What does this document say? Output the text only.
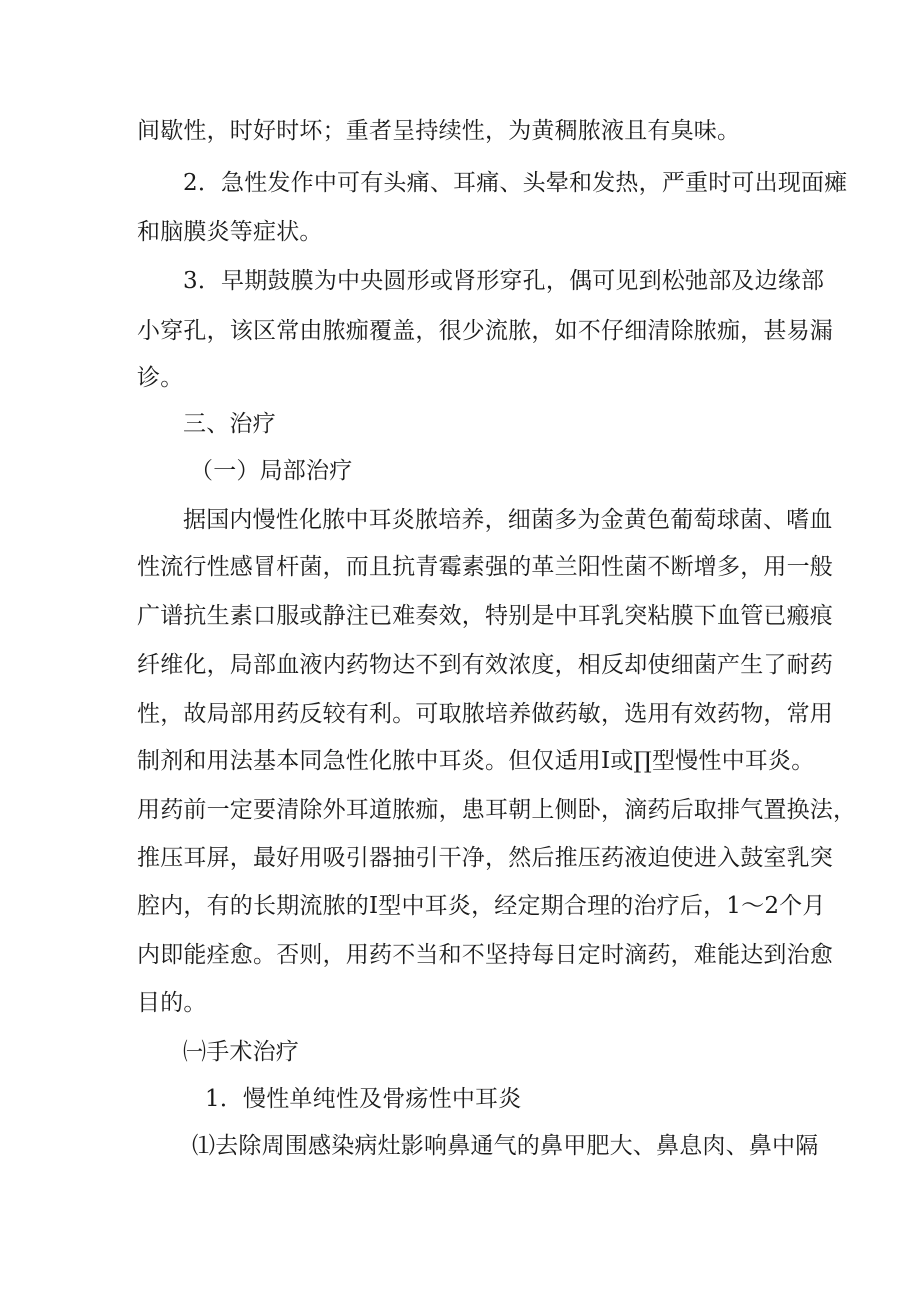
间歇性，时好时坏；重者呈持续性，为黄稠脓液且有臭味。
2．急性发作中可有头痛、耳痛、头晕和发热，严重时可出现面瘫
和脑膜炎等症状。
3．早期鼓膜为中央圆形或肾形穿孔，偶可见到松弛部及边缘部
小穿孔，该区常由脓痂覆盖，很少流脓，如不仔细清除脓痂，甚易漏
诊。
三、治疗
（一）局部治疗
据国内慢性化脓中耳炎脓培养，细菌多为金黄色葡萄球菌、嗜血
性流行性感冒杆菌，而且抗青霉素强的革兰阳性菌不断增多，用一般
广谱抗生素口服或静注已难奏效，特别是中耳乳突粘膜下血管已瘢痕
纤维化，局部血液内药物达不到有效浓度，相反却使细菌产生了耐药
性，故局部用药反较有利。可取脓培养做药敏，选用有效药物，常用
制剂和用法基本同急性化脓中耳炎。但仅适用I或∏型慢性中耳炎。
用药前一定要清除外耳道脓痂，患耳朝上侧卧，滴药后取排气置换法，
推压耳屏，最好用吸引器抽引干净，然后推压药液迫使进入鼓室乳突
腔内，有的长期流脓的I型中耳炎，经定期合理的治疗后，1～2个月
内即能痊愈。否则，用药不当和不坚持每日定时滴药，难能达到治愈
目的。
㈠手术治疗
1．慢性单纯性及骨疡性中耳炎
⑴去除周围感染病灶影响鼻通气的鼻甲肥大、鼻息肉、鼻中隔
